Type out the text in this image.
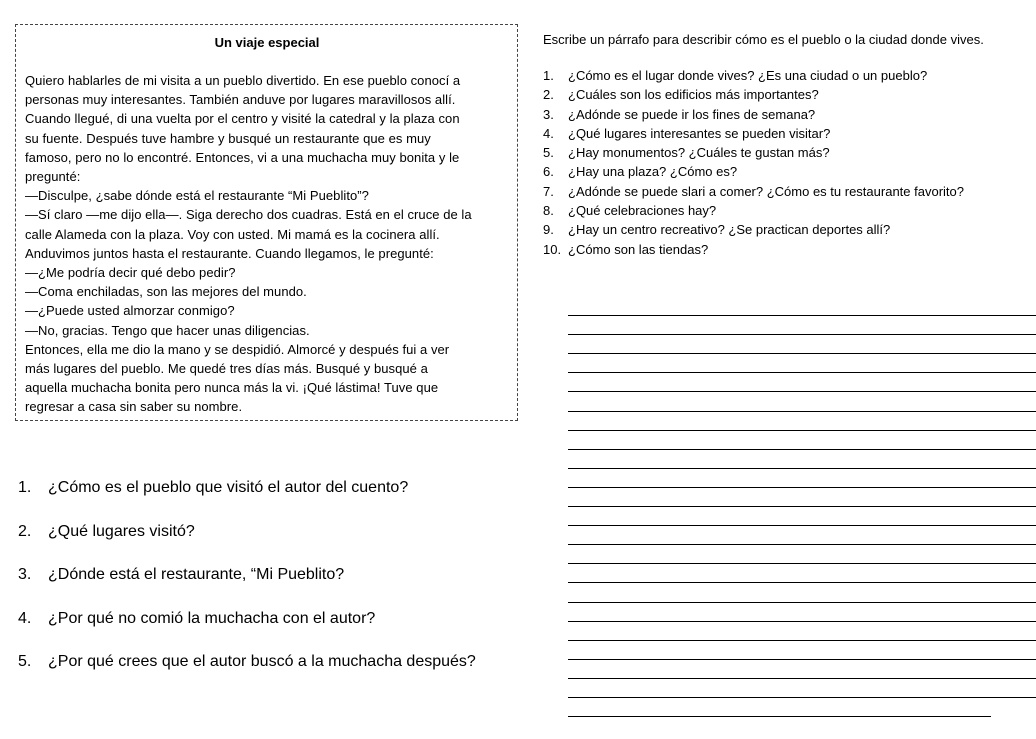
Un viaje especial
Quiero hablarles de mi visita a un pueblo divertido. En ese pueblo conocí a
personas muy interesantes. También anduve por lugares maravillosos allí.
Cuando llegué, di una vuelta por el centro y visité la catedral y la plaza con
su fuente. Después tuve hambre y busqué un restaurante que es muy
famoso, pero no lo encontré. Entonces, vi a una muchacha muy bonita y le
pregunté:
—Disculpe, ¿sabe dónde está el restaurante “Mi Pueblito”?
—Sí claro —me dijo ella—. Siga derecho dos cuadras. Está en el cruce de la
calle Alameda con la plaza. Voy con usted. Mi mamá es la cocinera allí.
Anduvimos juntos hasta el restaurante. Cuando llegamos, le pregunté:
—¿Me podría decir qué debo pedir?
—Coma enchiladas, son las mejores del mundo.
—¿Puede usted almorzar conmigo?
—No, gracias. Tengo que hacer unas diligencias.
Entonces, ella me dio la mano y se despidió. Almorcé y después fui a ver
más lugares del pueblo. Me quedé tres días más. Busqué y busqué a
aquella muchacha bonita pero nunca más la vi. ¡Qué lástima! Tuve que
regresar a casa sin saber su nombre.
Escribe un párrafo para describir cómo es el pueblo o la ciudad donde vives.
1. ¿Cómo es el lugar donde vives? ¿Es una ciudad o un pueblo?
2. ¿Cuáles son los edificios más importantes?
3. ¿Adónde se puede ir los fines de semana?
4. ¿Qué lugares interesantes se pueden visitar?
5. ¿Hay monumentos? ¿Cuáles te gustan más?
6. ¿Hay una plaza? ¿Cómo es?
7. ¿Adónde se puede slari a comer? ¿Cómo es tu restaurante favorito?
8. ¿Qué celebraciones hay?
9. ¿Hay un centro recreativo? ¿Se practican deportes allí?
10. ¿Cómo son las tiendas?
1. ¿Cómo es el pueblo que visitó el autor del cuento?
2. ¿Qué lugares visitó?
3. ¿Dónde está el restaurante, “Mi Pueblito?
4. ¿Por qué no comió la muchacha con el autor?
5. ¿Por qué crees que el autor buscó a la muchacha después?
